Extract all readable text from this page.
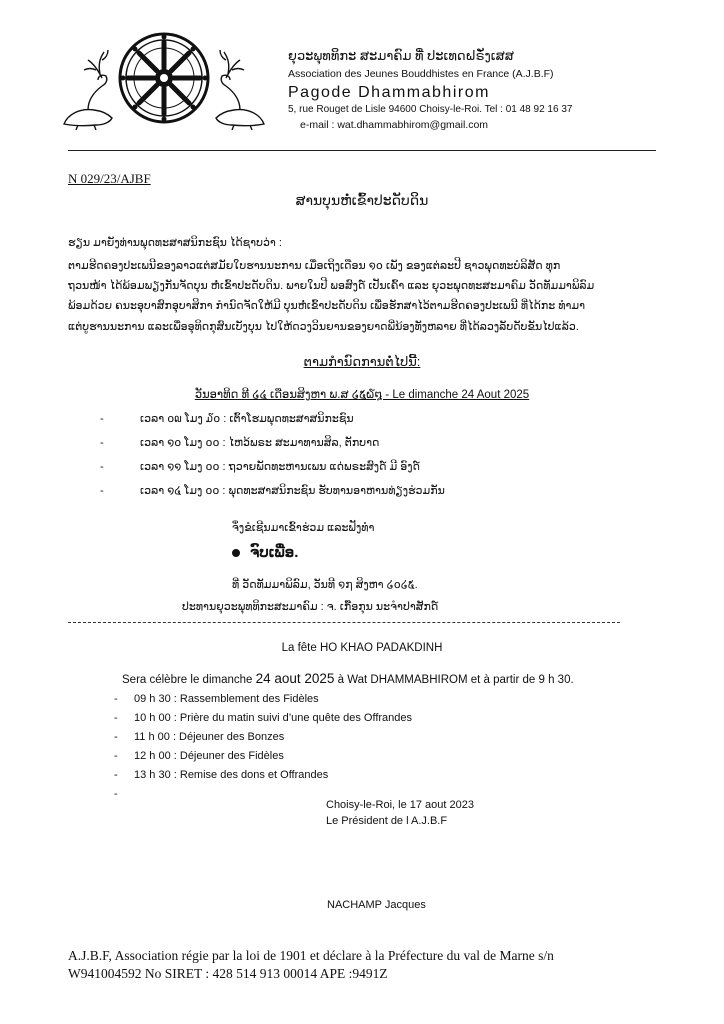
ຍຸວະພຸທທິກະ ສະມາຄົມ ທີ່ ປະເທດຝຣັ່ງເສສ
Association des Jeunes Bouddhistes en France (A.J.B.F)
Pagode Dhammabhirom
5, rue Rouget de Lisle 94600 Choisy-le-Roi. Tel : 01 48 92 16 37
e-mail : wat.dhammabhirom@gmail.com
N 029/23/AJBF
ສານບຸນຫໍ່ເຂົ້າປະດັບດິນ
ຮຽນ ມາຍັງທ່ານພຸດທະສາສນິກະຊົນ ໄດ້ຊາບວ່າ :
ຕາມຮີດຄອງປະເພນີຂອງລາວແຕ່ສມັຍໃບຮານນະການ ເມື່ອເຖິງເດືອນ ໑໐ ເພັງ ຂອງແຕ່ລະປີ ຊາວພຸດທະບໍລິສັດ ທຸກ
ຖວນໜ້າ ໄດ້ພ້ອມພຽງກັນຈັດບຸນ ຫໍ່ເຂົ້າປະດັບດິນ. ພາຍໃນປີ ພອສົງດ໌ ເປັນເຄົ້າ ແລະ ຍຸວະພຸດທະສະມາຄົມ ວັດທັມມາພິລົມ
ພ້ອມດ້ວຍ ຄນະອຸບາສົກອຸບາສິກາ ກຳນົດຈັດໃຫ້ມີ ບຸນຫໍ່ເຂົ້າປະດັບດິນ ເພື່ອຮັກສາໄວ້ຕາມຮີດຄອງປະເພນີ ທີ່ໄດ້ກະ ທຳມາ
ແຕ່ບູຮານນະການ ແລະເພື່ອອຸທິດກຸສົນເບັງບຸນ ໄປໃຫ້ດວງວິນຍານຂອງຍາດພີ່ນ້ອງທັງຫລາຍ ທີ່ໄດ້ລວງລັບດັບຂັນໄປແລ້ວ.
ຕາມກຳນົດການຕໍ່ໄປນີ້:
ວັນອາທິດ ທີ ໒໔ ເດືອນສິງຫາ ພ.ສ ໒໕໖໘ - Le dimanche 24 Aout 2025
-	ເວລາ ໐໙ ໂມງ ໓໐ : ເຕົ້າໂຮມພຸດທະສາສນິກະຊົນ
-	ເວລາ ໑໐ ໂມງ ໐໐ : ໄຫວ້ພຣະ ສະມາທານສິລ, ຕັກບາດ
-	ເວລາ ໑໑ ໂມງ ໐໐ : ຖວາຍພັດທະຫານເພນ ແດ່ພຣະສົງດ໌ ມີ ອົງດ໌
-	ເວລາ ໑໔ ໂມງ ໐໐ : ພຸດທະສາສນິກະຊົນ ຮັບທານອາຫານທ່ຽງຮ່ວມກັນ
ຈຶ່ງຂໍເຊີນມາເຂົ້າຮ່ວມ ແລະຟັງທຳ
ຈົບເພື່ອ.
ທີ່ ວັດທັມມາພິລົມ, ວັນທີ ໑໗ ສິງຫາ ໒໐໒໕.
ປະທານຍຸວະພຸທທິກະສະມາຄົມ : ຈ. ເກື້ອກຸນ ນະຈຳປາສັກດ໌
La fête HO KHAO PADAKDINH
Sera célèbre le dimanche 24 aout 2025 à Wat DHAMMABHIROM et à partir de 9 h 30.
- 09 h 30 : Rassemblement des Fidèles
- 10 h 00 : Prière du matin suivi d’une quête des Offrandes
- 11 h 00 : Déjeuner des Bonzes
- 12 h 00 : Déjeuner des Fidèles
- 13 h 30 : Remise des dons et Offrandes
-
Choisy-le-Roi, le 17 aout 2023
Le Président de l A.J.B.F
NACHAMP Jacques
A.J.B.F, Association régie par la loi de 1901 et déclare à la Préfecture du val de Marne s/n
W941004592 No SIRET : 428 514 913 00014 APE :9491Z
